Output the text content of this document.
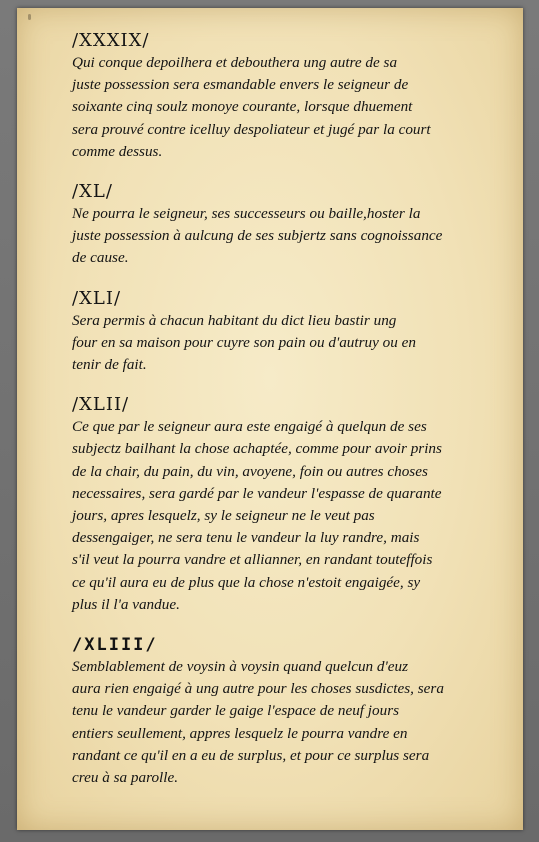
/XXXIX/
Qui conque depoilhera et debouthera ung autre de sa
juste possession sera esmandable envers le seigneur de
soixante cinq soulz monoye courante, lorsque dhuement
sera prouvé contre icelluy despoliateur et jugé par la court
comme dessus.
/XL/
Ne pourra le seigneur, ses successeurs ou baille,hoster la
juste possession à aulcung de ses subjertz sans cognoissance
de cause.
/XLI/
Sera permis à chacun habitant du dict lieu bastir ung
four en sa maison pour cuyre son pain ou d'autruy ou en
tenir de fait.
/XLII/
Ce que par le seigneur aura este engaigé à quelqun de ses
subjectz bailhant la chose achaptée, comme pour avoir prins
de la chair, du pain, du vin, avoyene, foin ou autres choses
necessaires, sera gardé par le vandeur l'espasse de quarante
jours, apres lesquelz, sy le seigneur ne le veut pas
dessengaiger, ne sera tenu le vandeur la luy randre, mais
s'il veut la pourra vandre et allianner, en randant touteffois
ce qu'il aura eu de plus que la chose n'estoit engaigée, sy
plus il l'a vandue.
/XLIII/
Semblablement de voysin à voysin quand quelcun d'euz
aura rien engaigé à ung autre pour les choses susdictes, sera
tenu le vandeur garder le gaige l'espace de neuf jours
entiers seullement, appres lesquelz le pourra vandre en
randant ce qu'il en a eu de surplus, et pour ce surplus sera
creu à sa parolle.
